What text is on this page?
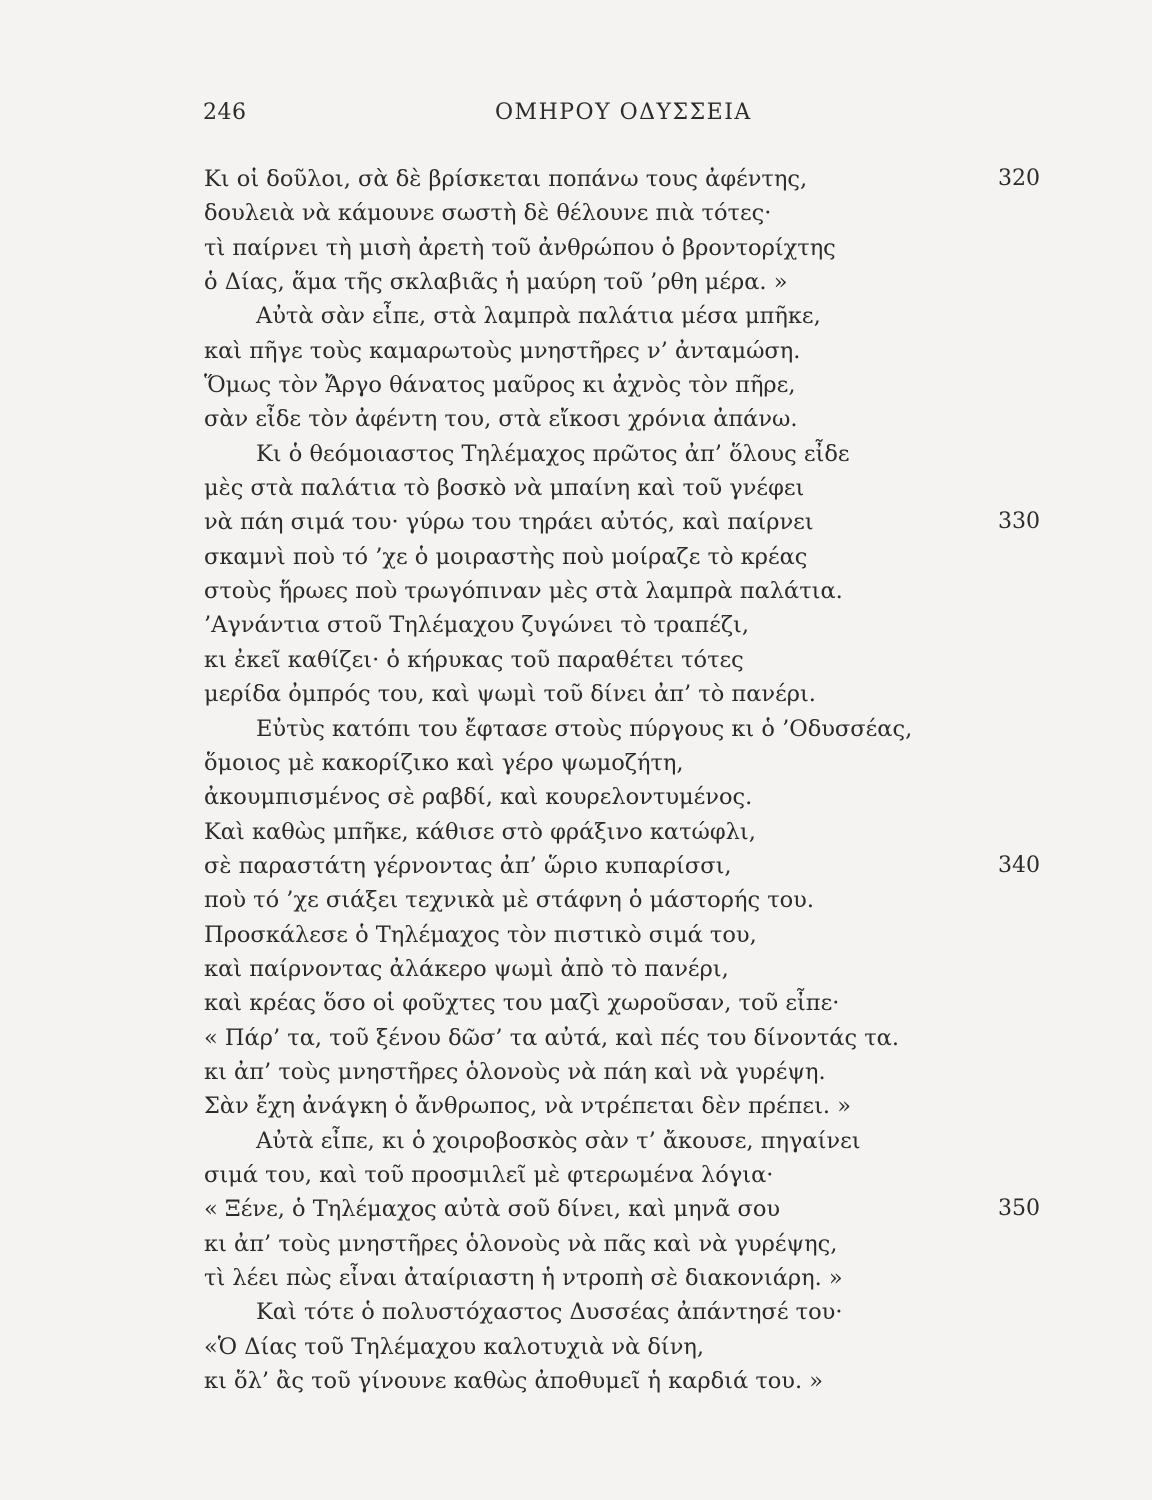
246	ΟΜΗΡΟΥ ΟΔΥΣΣΕΙΑ
Κι οἱ δοῦλοι, σὰ δὲ βρίσκεται ποπάνω τους ἀφέντης,	320
δουλειὰ νὰ κάμουνε σωστὴ δὲ θέλουνε πιὰ τότες·
τὶ παίρνει τὴ μισὴ ἀρετὴ τοῦ ἀνθρώπου ὁ βροντορίχτης
ὁ Δίας, ἅμα τῆς σκλαβιᾶς ἡ μαύρη τοῦ ’ρθη μέρα. »
Αὐτὰ σὰν εἶπε, στὰ λαμπρὰ παλάτια μέσα μπῆκε,
καὶ πῆγε τοὺς καμαρωτοὺς μνηστῆρες ν’ ἀνταμώση.
Ὅμως τὸν Ἄργο θάνατος μαῦρος κι ἀχνὸς τὸν πῆρε,
σὰν εἶδε τὸν ἀφέντη του, στὰ εἴκοσι χρόνια ἀπάνω.
Κι ὁ θεόμοιαστος Τηλέμαχος πρῶτος ἀπ’ ὅλους εἶδε
μὲς στὰ παλάτια τὸ βοσκὸ νὰ μπαίνη καὶ τοῦ γνέφει
νὰ πάη σιμά του· γύρω του τηράει αὐτός, καὶ παίρνει	330
σκαμνὶ ποὺ τό ’χε ὁ μοιραστὴς ποὺ μοίραζε τὸ κρέας
στοὺς ἥρωες ποὺ τρωγόπιναν μὲς στὰ λαμπρὰ παλάτια.
’Αγνάντια στοῦ Τηλέμαχου ζυγώνει τὸ τραπέζι,
κι ἐκεῖ καθίζει· ὁ κήρυκας τοῦ παραθέτει τότες
μερίδα ὀμπρός του, καὶ ψωμὶ τοῦ δίνει ἀπ’ τὸ πανέρι.
Εὐτὺς κατόπι του ἔφτασε στοὺς πύργους κι ὁ ’Οδυσσέας,
ὅμοιος μὲ κακορίζικο καὶ γέρο ψωμοζήτη,
ἀκουμπισμένος σὲ ραβδί, καὶ κουρελοντυμένος.
Καὶ καθὼς μπῆκε, κάθισε στὸ φράξινο κατώφλι,
σὲ παραστάτη γέρνοντας ἀπ’ ὥριο κυπαρίσσι,	340
ποὺ τό ’χε σιάξει τεχνικὰ μὲ στάφνη ὁ μάστορής του.
Προσκάλεσε ὁ Τηλέμαχος τὸν πιστικὸ σιμά του,
καὶ παίρνοντας ἀλάκερο ψωμὶ ἀπὸ τὸ πανέρι,
καὶ κρέας ὅσο οἱ φοῦχτες του μαζὶ χωροῦσαν, τοῦ εἶπε·
« Πάρ’ τα, τοῦ ξένου δῶσ’ τα αὐτά, καὶ πές του δίνοντάς τα.
κι ἀπ’ τοὺς μνηστῆρες ὁλονοὺς νὰ πάη καὶ νὰ γυρέψη.
Σὰν ἔχη ἀνάγκη ὁ ἄνθρωπος, νὰ ντρέπεται δὲν πρέπει. »
Αὐτὰ εἶπε, κι ὁ χοιροβοσκὸς σὰν τ’ ἄκουσε, πηγαίνει
σιμά του, καὶ τοῦ προσμιλεῖ μὲ φτερωμένα λόγια·
« Ξένε, ὁ Τηλέμαχος αὐτὰ σοῦ δίνει, καὶ μηνᾶ σου	350
κι ἀπ’ τοὺς μνηστῆρες ὁλονοὺς νὰ πᾶς καὶ νὰ γυρέψης,
τὶ λέει πὼς εἶναι ἀταίριαστη ἡ ντροπὴ σὲ διακονιάρη. »
Καὶ τότε ὁ πολυστόχαστος Δυσσέας ἀπάντησέ του·
«Ὁ Δίας τοῦ Τηλέμαχου καλοτυχιὰ νὰ δίνη,
κι ὅλ’ ἂς τοῦ γίνουνε καθὼς ἀποθυμεῖ ἡ καρδιά του. »
